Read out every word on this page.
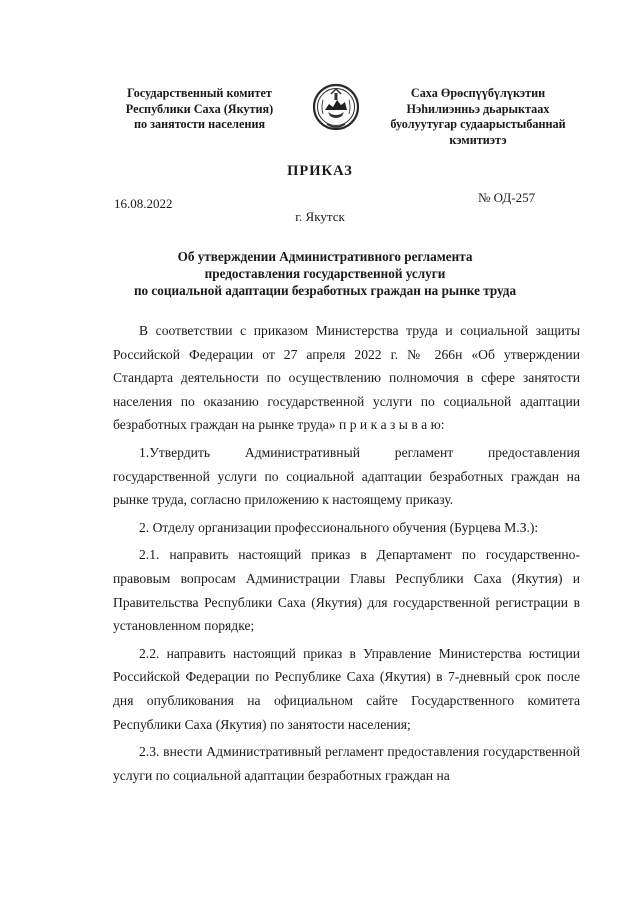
Государственный комитет
Республики Саха (Якутия)
по занятости населения
Саха Өрөспүүбүлүкэтин
Нэһилиэнньэ дьарыктаах
буолуутугар судаарыстыбаннай
кэмитиэтэ
ПРИКАЗ
16.08.2022	№ ОД-257
г. Якутск
Об утверждении Административного регламента
предоставления государственной услуги
по социальной адаптации безработных граждан на рынке труда

В соответствии с приказом Министерства труда и социальной защиты Российской Федерации от 27 апреля 2022 г. № 266н «Об утверждении Стандарта деятельности по осуществлению полномочия в сфере занятости населения по оказанию государственной услуги по социальной адаптации безработных граждан на рынке труда» п р и к а з ы в а ю:

1.Утвердить Административный регламент предоставления государственной услуги по социальной адаптации безработных граждан на рынке труда, согласно приложению к настоящему приказу.

2. Отделу организации профессионального обучения (Бурцева М.З.):

2.1. направить настоящий приказ в Департамент по государственно-правовым вопросам Администрации Главы Республики Саха (Якутия) и Правительства Республики Саха (Якутия) для государственной регистрации в установленном порядке;

2.2. направить настоящий приказ в Управление Министерства юстиции Российской Федерации по Республике Саха (Якутия) в 7-дневный срок после дня опубликования на официальном сайте Государственного комитета Республики Саха (Якутия) по занятости населения;

2.3. внести Административный регламент предоставления государственной услуги по социальной адаптации безработных граждан на
